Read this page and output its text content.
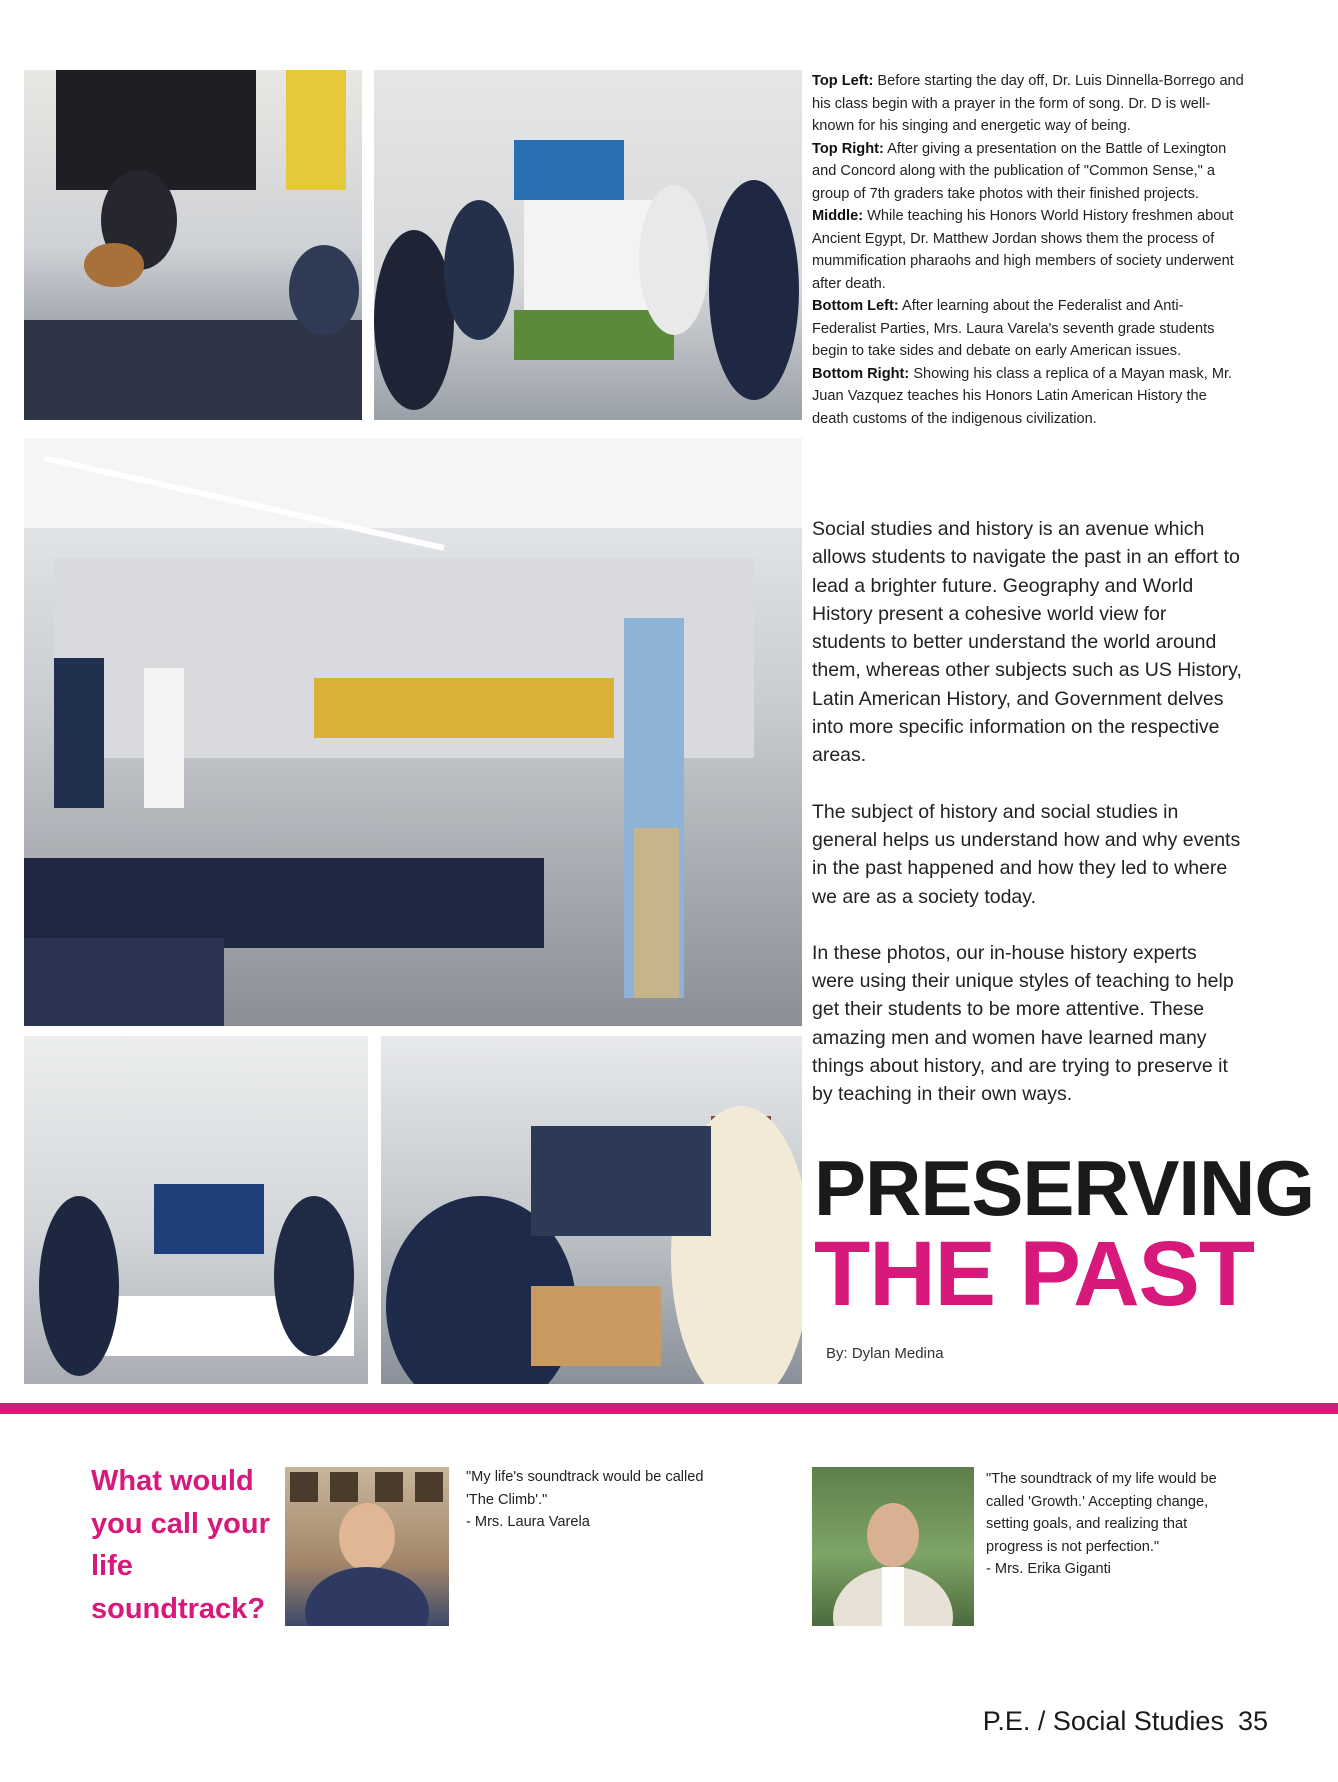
Top Left: Before starting the day off, Dr. Luis Dinnella-Borrego and his class begin with a prayer in the form of song. Dr. D is well-known for his singing and energetic way of being.

Top Right: After giving a presentation on the Battle of Lexington and Concord along with the publication of "Common Sense," a group of 7th graders take photos with their finished projects.

Middle: While teaching his Honors World History freshmen about Ancient Egypt, Dr. Matthew Jordan shows them the process of mummification pharaohs and high members of society underwent after death.

Bottom Left: After learning about the Federalist and Anti-Federalist Parties, Mrs. Laura Varela's seventh grade students begin to take sides and debate on early American issues.

Bottom Right: Showing his class a replica of a Mayan mask, Mr. Juan Vazquez teaches his Honors Latin American History the death customs of the indigenous civilization.

Social studies and history is an avenue which allows students to navigate the past in an effort to lead a brighter future. Geography and World History present a cohesive world view for students to better understand the world around them, whereas other subjects such as US History, Latin American History, and Government delves into more specific information on the respective areas.

The subject of history and social studies in general helps us understand how and why events in the past happened and how they led to where we are as a society today.

In these photos, our in-house history experts were using their unique styles of teaching to help get their students to be more attentive. These amazing men and women have learned many things about history, and are trying to preserve it by teaching in their own ways.

PRESERVING
THE PAST
By: Dylan Medina
What would you call your life soundtrack?

"My life's soundtrack would be called 'The Climb'."

- Mrs. Laura Varela

"The soundtrack of my life would be called 'Growth.' Accepting change, setting goals, and realizing that progress is not perfection."

- Mrs. Erika Giganti

P.E. / Social Studies 35
